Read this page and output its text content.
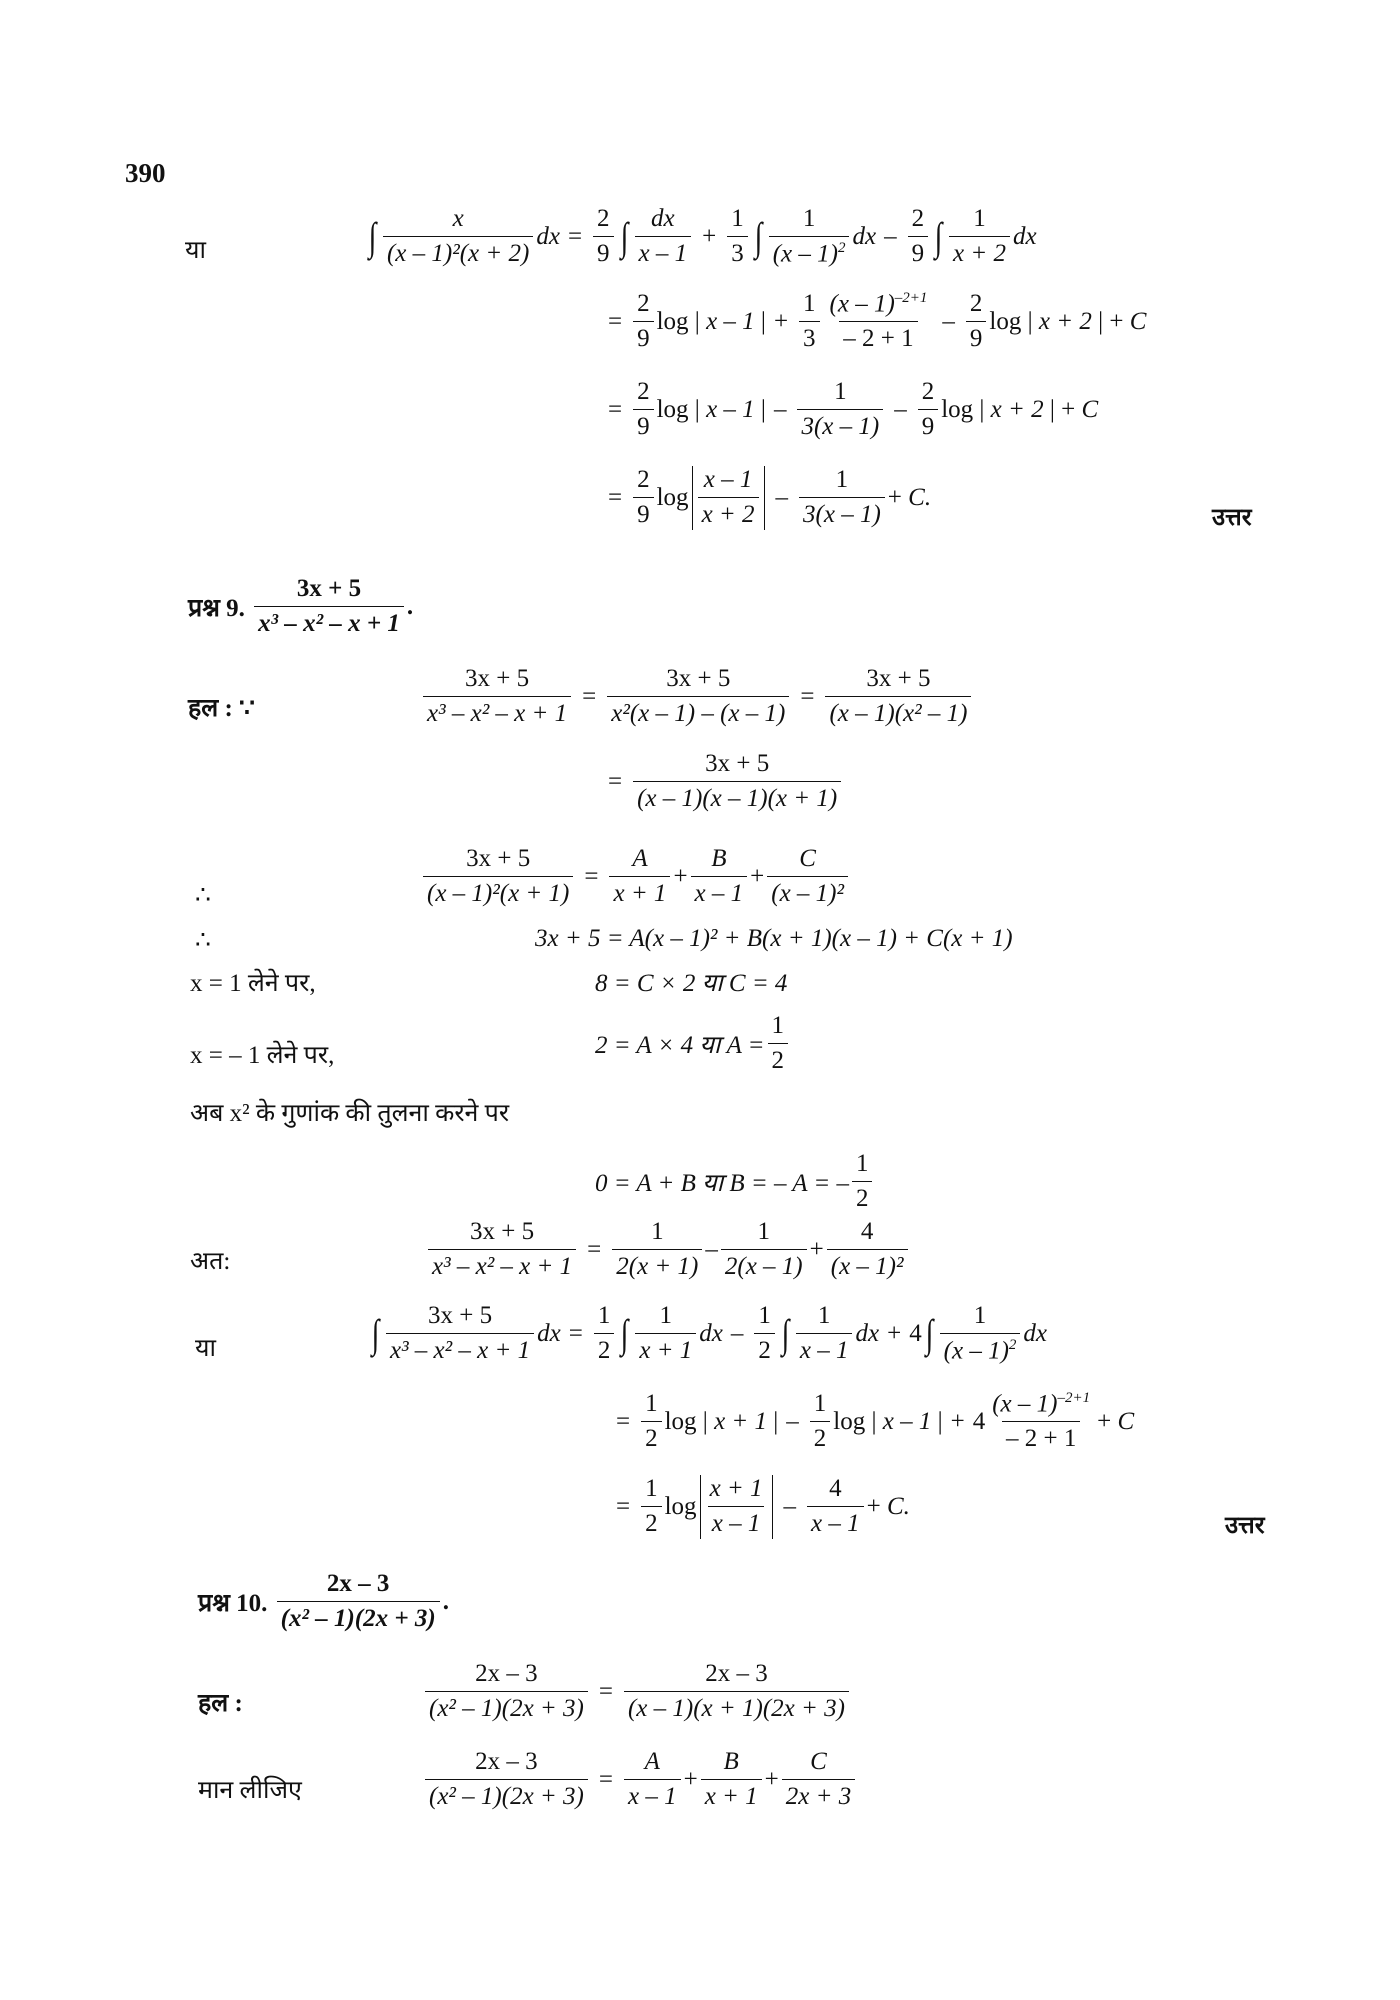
390
या	∫ $\frac{x}{\text{(x – 1)²(x + 2)}}$ dx = $\frac{2}{9}$ ∫ $\frac{dx}{x - 1} + \frac{1}{3}$ ∫ $\frac{1}{(x - 1)^2}$ dx – $\frac{2}{9}$ ∫ $\frac{1}{x + 2}$ dx
= $\frac{2}{9}$ log | x – 1 | + $\frac{1}{3} \frac{(x - 1)^{-2+1}}{- 2 + 1} - \frac{2}{9}$ log | x + 2 | + C
= $\frac{2}{9}$ log | x – 1 | – $\frac{1}{3(x - 1)} - \frac{2}{9}$ log | x + 2 | + C
= $\frac{2}{9}$ $\log \frac{x - 1}{x + 2} - \frac{1}{3(x - 1)} + C$.
उत्तर
प्रश्न 9.
$\frac{3x + 5}{\text{x³ – x² – x + 1}}$ .
हल : ∵	$\frac{3x + 5}{\text{x³ – x² – x + 1}} = \frac{3x + 5}{\text{x²(x – 1) – (x – 1)}} = \frac{3x + 5}{\text{(x – 1)(x² – 1)}}$
= $\frac{3x + 5}{(x - 1)(x - 1)(x + 1)}$
∴	$\frac{3x + 5}{\text{(x – 1)²(x + 1)}} = \frac{A}{x + 1} + \frac{B}{x - 1} + \frac{C}{\text{(x – 1)²}}$
∴	3x + 5 = A(x – 1)² + B(x + 1)(x – 1) + C(x + 1)
x = 1 लेने पर,	8 = C × 2 या C = 4
x = – 1 लेने पर,	2 = A × 4 या $A = \frac{1}{2}$
अब x² के गुणांक की तुलना करने पर
0 = A + B या B = – A = – $\frac{1}{2}$
अत:	$\frac{3x + 5}{\text{x³ – x² – x + 1}} = \frac{1}{2(x + 1)} - \frac{1}{2(x - 1)} + \frac{4}{\text{(x – 1)²}}$
या	∫ $\frac{3x + 5}{\text{x³ – x² – x + 1}}$ dx = $\frac{1}{2}$ ∫ $\frac{1}{x + 1}$ dx – $\frac{1}{2}$ ∫ $\frac{1}{x - 1}$ dx + 4 ∫ $\frac{1}{(x - 1)^2}$ dx
= $\frac{1}{2}$ log | x + 1 | – $\frac{1}{2}$ log | x – 1 | + $4 \frac{(x - 1)^{-2+1}}{- 2 + 1} + C$
= $\frac{1}{2}$ $\log \frac{x + 1}{x - 1} - \frac{4}{x - 1} + C$.
उत्तर
प्रश्न 10.
$\frac{2x - 3}{\text{(x² – 1)(2x + 3)}}$ .
हल :	$\frac{2x - 3}{\text{(x² – 1)(2x + 3)}} = \frac{2x - 3}{(x - 1)(x + 1)(2x + 3)}$
मान लीजिए	$\frac{2x - 3}{\text{(x² – 1)(2x + 3)}} = \frac{A}{x - 1} + \frac{B}{x + 1} + \frac{C}{2x + 3}$
